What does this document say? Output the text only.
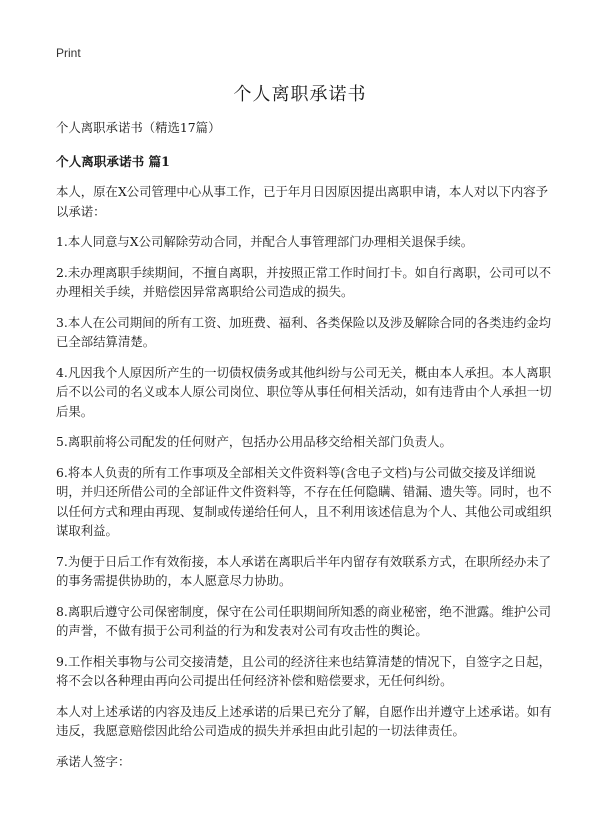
Print
个人离职承诺书

个人离职承诺书（精选17篇）

个人离职承诺书 篇1

本人，原在X公司管理中心从事工作，已于年月日因原因提出离职申请，本人对以下内容予以承诺：

1.本人同意与X公司解除劳动合同，并配合人事管理部门办理相关退保手续。

2.未办理离职手续期间，不擅自离职，并按照正常工作时间打卡。如自行离职，公司可以不办理相关手续，并赔偿因异常离职给公司造成的损失。

3.本人在公司期间的所有工资、加班费、福利、各类保险以及涉及解除合同的各类违约金均已全部结算清楚。

4.凡因我个人原因所产生的一切债权债务或其他纠纷与公司无关，概由本人承担。本人离职后不以公司的名义或本人原公司岗位、职位等从事任何相关活动，如有违背由个人承担一切后果。

5.离职前将公司配发的任何财产，包括办公用品移交给相关部门负责人。

6.将本人负责的所有工作事项及全部相关文件资料等(含电子文档)与公司做交接及详细说明，并归还所借公司的全部证件文件资料等，不存在任何隐瞒、错漏、遗失等。同时，也不以任何方式和理由再现、复制或传递给任何人，且不利用该述信息为个人、其他公司或组织谋取利益。

7.为便于日后工作有效衔接，本人承诺在离职后半年内留存有效联系方式，在职所经办未了的事务需提供协助的，本人愿意尽力协助。

8.离职后遵守公司保密制度，保守在公司任职期间所知悉的商业秘密，绝不泄露。维护公司的声誉，不做有损于公司利益的行为和发表对公司有攻击性的舆论。

9.工作相关事物与公司交接清楚，且公司的经济往来也结算清楚的情况下，自签字之日起，将不会以各种理由再向公司提出任何经济补偿和赔偿要求，无任何纠纷。

本人对上述承诺的内容及违反上述承诺的后果已充分了解，自愿作出并遵守上述承诺。如有违反，我愿意赔偿因此给公司造成的损失并承担由此引起的一切法律责任。

承诺人签字：
